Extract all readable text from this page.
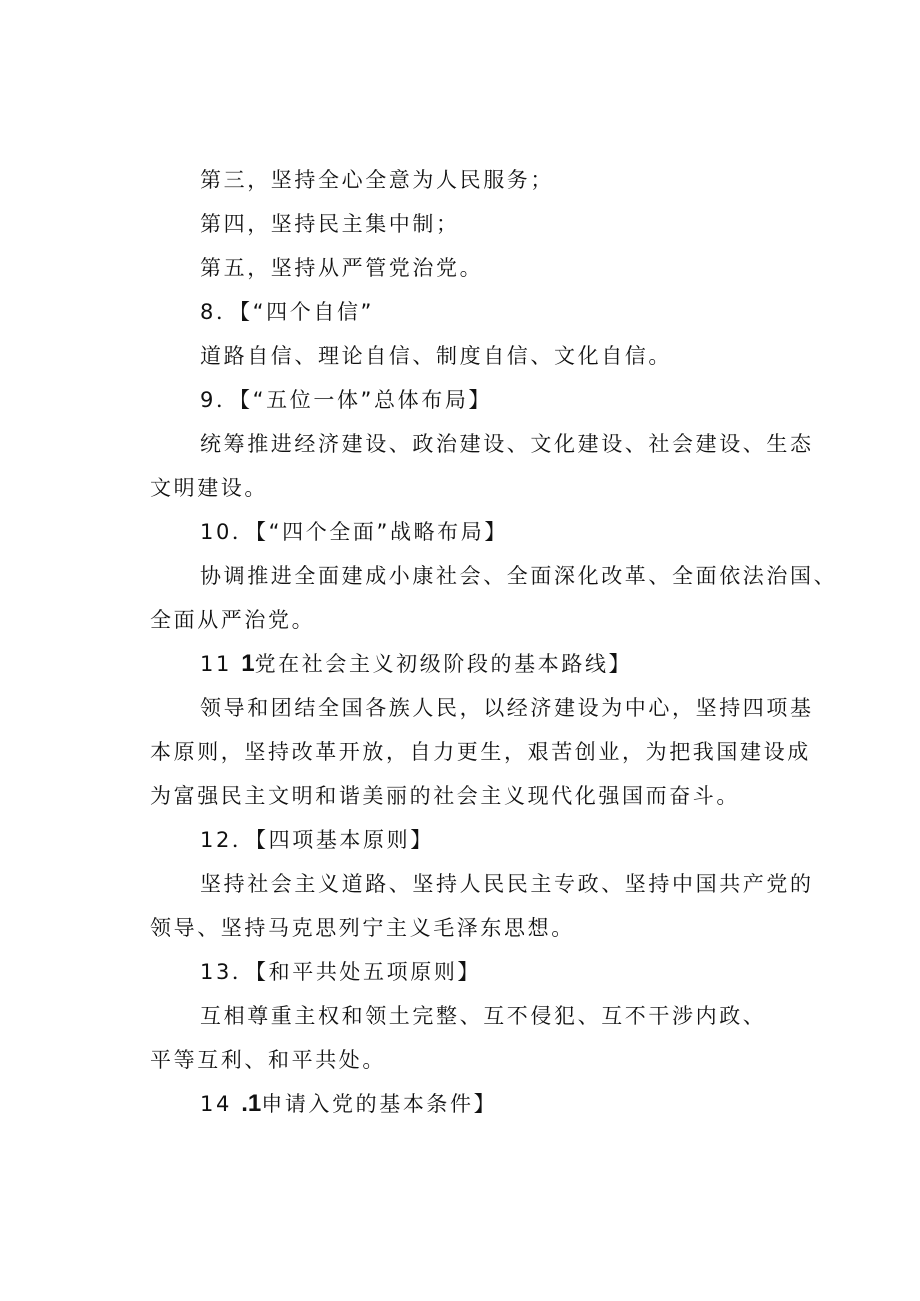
第三，坚持全心全意为人民服务；
第四，坚持民主集中制；
第五，坚持从严管党治党。
8．【“四个自信”
道路自信、理论自信、制度自信、文化自信。
9．【“五位一体”总体布局】
统筹推进经济建设、政治建设、文化建设、社会建设、生态
文明建设。
10．【“四个全面”战略布局】
协调推进全面建成小康社会、全面深化改革、全面依法治国、
全面从严治党。
11 1党在社会主义初级阶段的基本路线】
领导和团结全国各族人民，以经济建设为中心，坚持四项基
本原则，坚持改革开放，自力更生，艰苦创业，为把我国建设成
为富强民主文明和谐美丽的社会主义现代化强国而奋斗。
12．【四项基本原则】
坚持社会主义道路、坚持人民民主专政、坚持中国共产党的
领导、坚持马克思列宁主义毛泽东思想。
13．【和平共处五项原则】
互相尊重主权和领土完整、互不侵犯、互不干涉内政、
平等互利、和平共处。
14 .1申请入党的基本条件】
